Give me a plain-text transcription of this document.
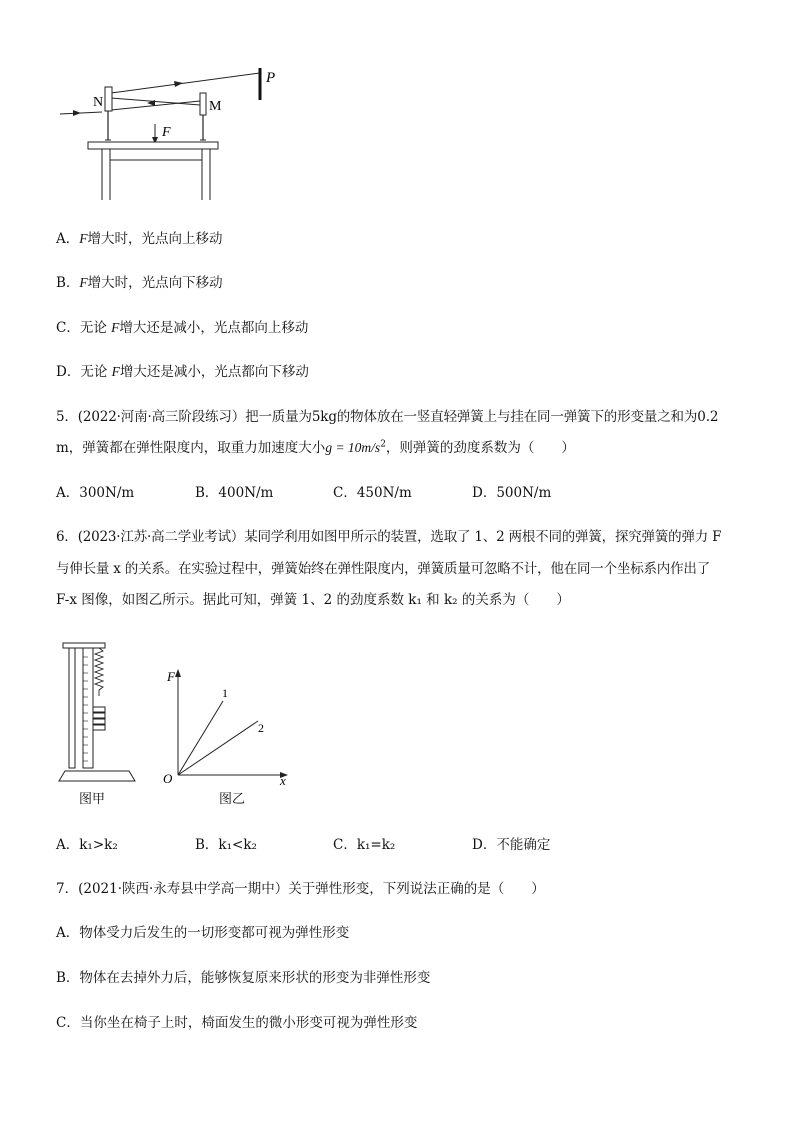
N	M
P
F
A．F增大时，光点向上移动
B．F增大时，光点向下移动
C．无论 F增大还是减小，光点都向上移动
D．无论 F增大还是减小，光点都向下移动
5．(2022·河南·高三阶段练习）把一质量为5kg的物体放在一竖直轻弹簧上与挂在同一弹簧下的形变量之和为0.2
m，弹簧都在弹性限度内，取重力加速度大小$g = 10m/s^2$，则弹簧的劲度系数为（　　）
A．300N/m	B．400N/m	C．450N/m	D．500N/m
6．(2023·江苏·高二学业考试）某同学利用如图甲所示的装置，选取了 1、2 两根不同的弹簧，探究弹簧的弹力 F
与伸长量 x 的关系。在实验过程中，弹簧始终在弹性限度内，弹簧质量可忽略不计，他在同一个坐标系内作出了
F-x 图像，如图乙所示。据此可知，弹簧 1、2 的劲度系数 k₁ 和 k₂ 的关系为（　　）
图甲
F
x
O
1
2
图乙
A．k₁>k₂	B．k₁<k₂	C．k₁=k₂	D．不能确定
7．(2021·陕西·永寿县中学高一期中）关于弹性形变，下列说法正确的是（　　）
A．物体受力后发生的一切形变都可视为弹性形变
B．物体在去掉外力后，能够恢复原来形状的形变为非弹性形变
C．当你坐在椅子上时，椅面发生的微小形变可视为弹性形变
